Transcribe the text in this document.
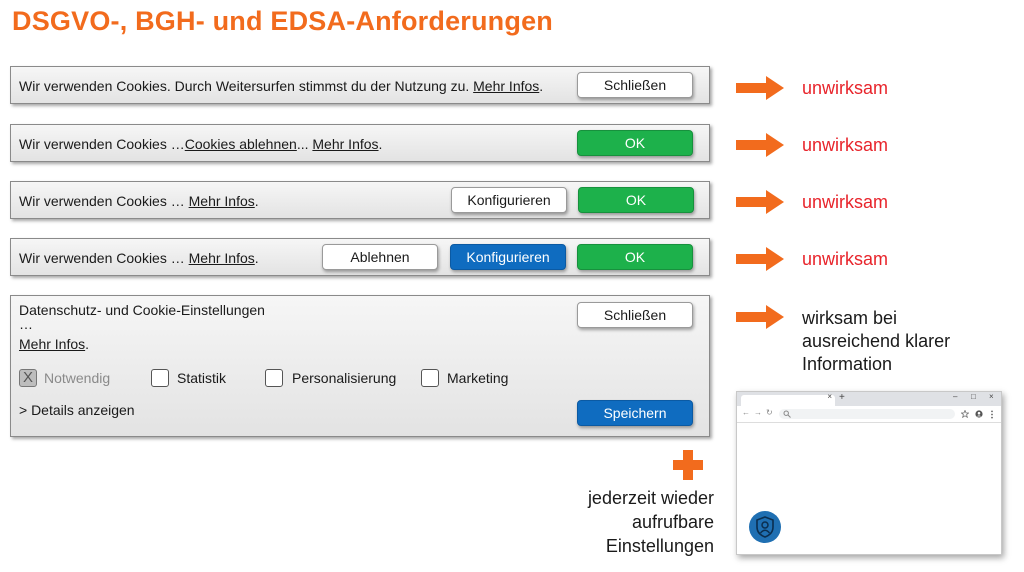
DSGVO-, BGH- und EDSA-Anforderungen
Wir verwenden Cookies. Durch Weitersurfen stimmst du der Nutzung zu. Mehr Infos.	Schließen
Wir verwenden Cookies …Cookies ablehnen... Mehr Infos.	OK
Wir verwenden Cookies … Mehr Infos.	Konfigurieren	OK
Wir verwenden Cookies … Mehr Infos.	Ablehnen	Konfigurieren	OK
Datenschutz- und Cookie-Einstellungen
…
Mehr Infos.
Schließen
X Notwendig	Statistik	Personalisierung	Marketing
> Details anzeigen	Speichern
unwirksam
unwirksam
unwirksam
unwirksam
wirksam bei
ausreichend klarer
Information
jederzeit wieder
aufrufbare
Einstellungen
× +	– □ ×
← → ↻
